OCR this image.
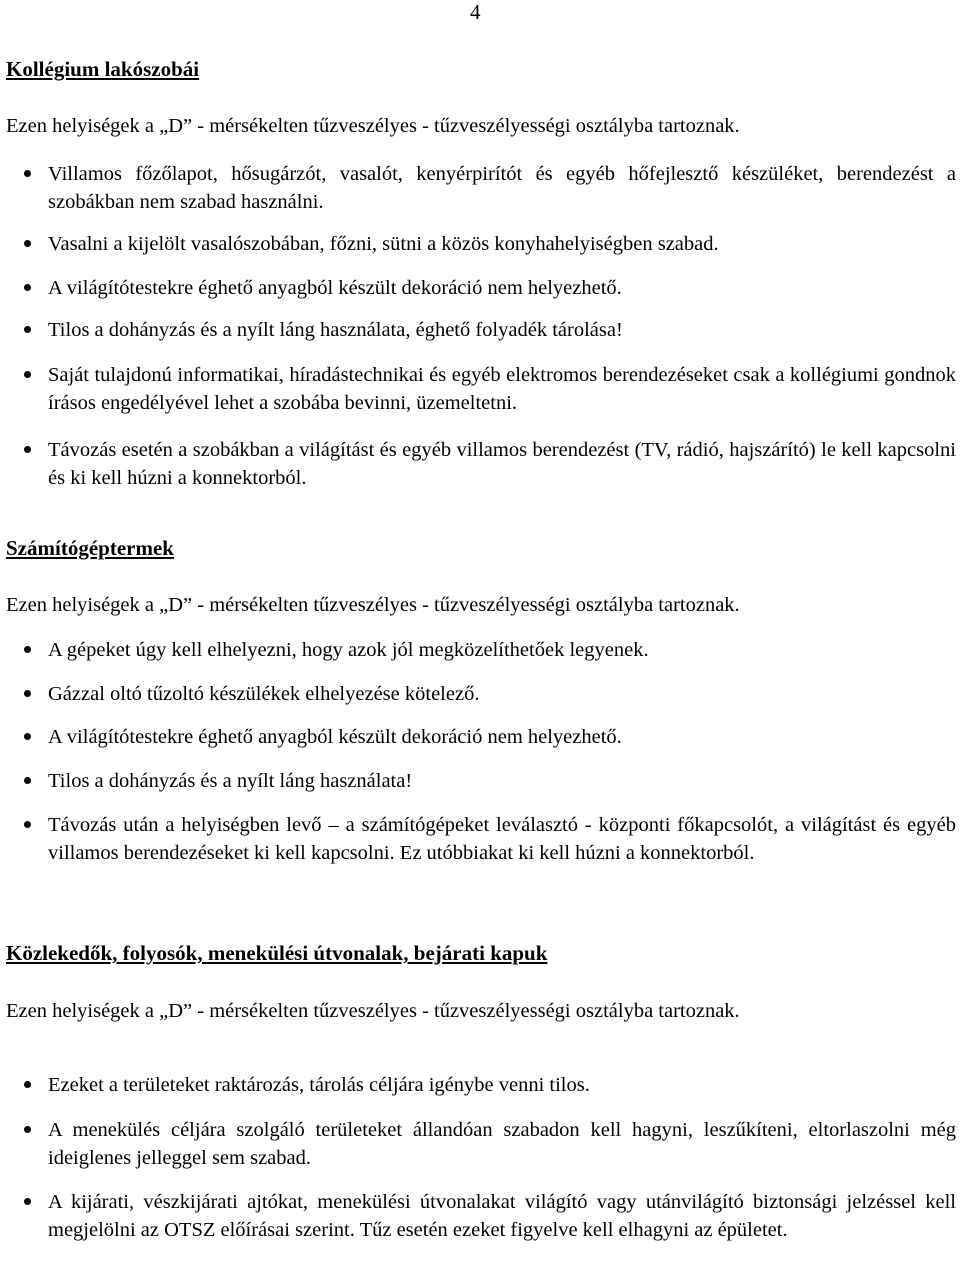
4
Kollégium lakószobái
Ezen helyiségek a „D” - mérsékelten tűzveszélyes - tűzveszélyességi osztályba tartoznak.
Villamos főzőlapot, hősugárzót, vasalót, kenyérpirítót és egyéb hőfejlesztő készüléket, berendezést a szobákban nem szabad használni.
Vasalni a kijelölt vasalószobában, főzni, sütni a közös konyhahelyiségben szabad.
A világítótestekre éghető anyagból készült dekoráció nem helyezhető.
Tilos a dohányzás és a nyílt láng használata, éghető folyadék tárolása!
Saját tulajdonú informatikai, híradástechnikai és egyéb elektromos berendezéseket csak a kollégiumi gondnok írásos engedélyével lehet a szobába bevinni, üzemeltetni.
Távozás esetén a szobákban a világítást és egyéb villamos berendezést (TV, rádió, hajszárító) le kell kapcsolni és ki kell húzni a konnektorból.
Számítógéptermek
Ezen helyiségek a „D” - mérsékelten tűzveszélyes - tűzveszélyességi osztályba tartoznak.
A gépeket úgy kell elhelyezni, hogy azok jól megközelíthetőek legyenek.
Gázzal oltó tűzoltó készülékek elhelyezése kötelező.
A világítótestekre éghető anyagból készült dekoráció nem helyezhető.
Tilos a dohányzás és a nyílt láng használata!
Távozás után a helyiségben levő – a számítógépeket leválasztó - központi főkapcsolót, a világítást és egyéb villamos berendezéseket ki kell kapcsolni. Ez utóbbiakat ki kell húzni a konnektorból.
Közlekedők, folyosók, menekülési útvonalak, bejárati kapuk
Ezen helyiségek a „D” - mérsékelten tűzveszélyes - tűzveszélyességi osztályba tartoznak.
Ezeket a területeket raktározás, tárolás céljára igénybe venni tilos.
A menekülés céljára szolgáló területeket állandóan szabadon kell hagyni, leszűkíteni, eltorlaszolni még ideiglenes jelleggel sem szabad.
A kijárati, vészkijárati ajtókat, menekülési útvonalakat világító vagy utánvilágító biztonsági jelzéssel kell megjelölni az OTSZ előírásai szerint. Tűz esetén ezeket figyelve kell elhagyni az épületet.
